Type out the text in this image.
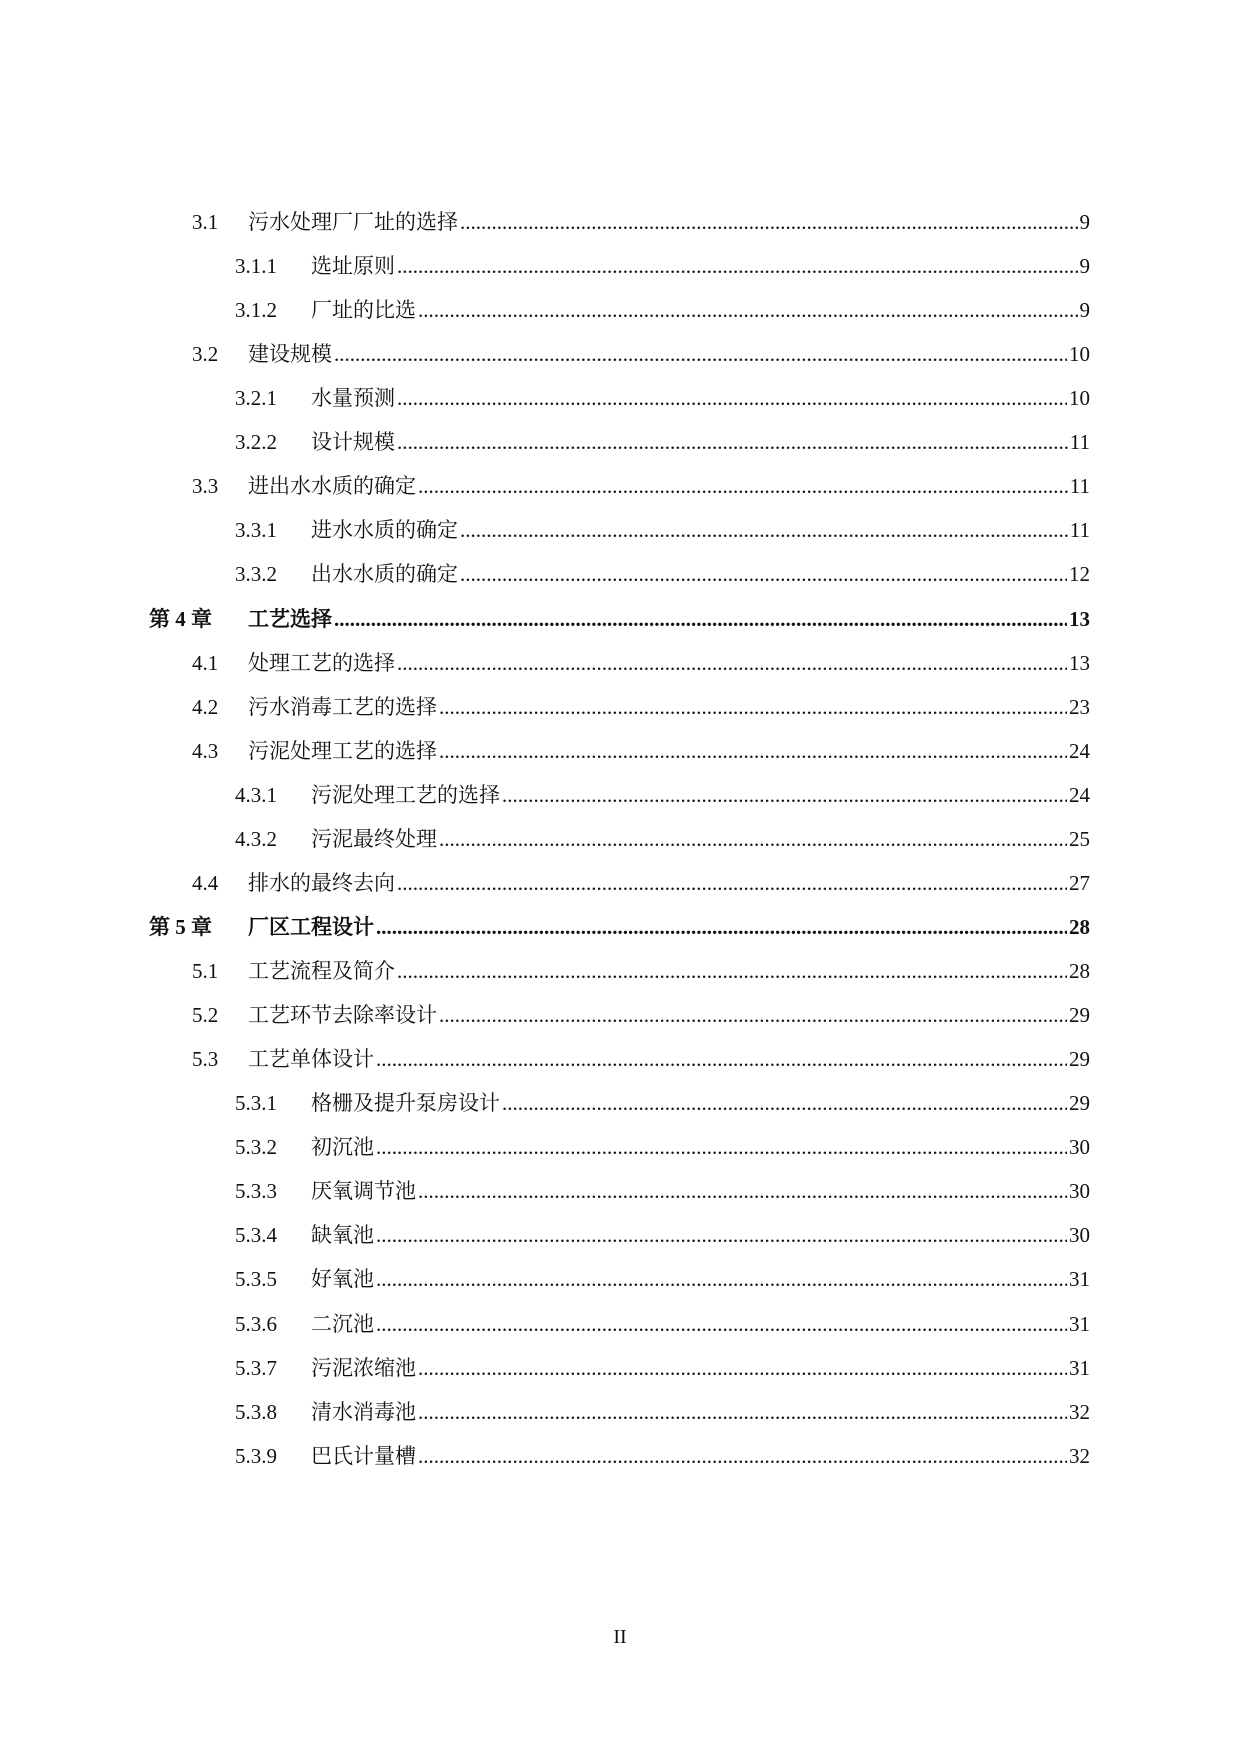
3.1 污水处理厂厂址的选择 .....	9
3.1.1 选址原则 .....	9
3.1.2 厂址的比选 .....	9
3.2 建设规模 .....	10
3.2.1 水量预测 .....	10
3.2.2 设计规模 .....	11
3.3 进出水水质的确定 .....	11
3.3.1 进水水质的确定 .....	11
3.3.2 出水水质的确定 .....	12
第 4 章 工艺选择 .....	13
4.1 处理工艺的选择 .....	13
4.2 污水消毒工艺的选择 .....	23
4.3 污泥处理工艺的选择 .....	24
4.3.1 污泥处理工艺的选择 .....	24
4.3.2 污泥最终处理 .....	25
4.4 排水的最终去向 .....	27
第 5 章 厂区工程设计 .....	28
5.1 工艺流程及简介 .....	28
5.2 工艺环节去除率设计 .....	29
5.3 工艺单体设计 .....	29
5.3.1 格栅及提升泵房设计 .....	29
5.3.2 初沉池 .....	30
5.3.3 厌氧调节池 .....	30
5.3.4 缺氧池 .....	30
5.3.5 好氧池 .....	31
5.3.6 二沉池 .....	31
5.3.7 污泥浓缩池 .....	31
5.3.8 清水消毒池 .....	32
5.3.9 巴氏计量槽 .....	32
II
